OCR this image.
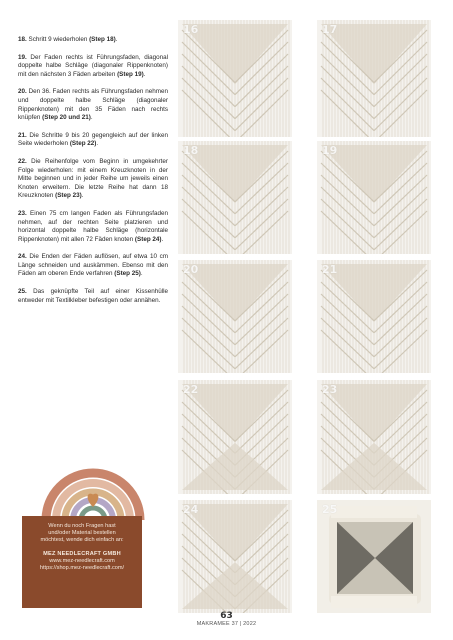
18. Schritt 9 wiederholen (Step 18).

19. Der Faden rechts ist Führungsfaden, diagonal doppelte halbe Schläge (diagonaler Rippenknoten) mit den nächsten 3 Fäden arbeiten (Step 19).

20. Den 36. Faden rechts als Führungsfaden nehmen und doppelte halbe Schläge (diagonaler Rippenknoten) mit den 35 Fäden nach rechts knüpfen (Step 20 und 21).

21. Die Schritte 9 bis 20 gegengleich auf der linken Seite wiederholen (Step 22).

22. Die Reihenfolge vom Beginn in umgekehrter Folge wiederholen: mit einem Kreuzknoten in der Mitte beginnen und in jeder Reihe um jeweils einen Knoten erweitern. Die letzte Reihe hat dann 18 Kreuzknoten (Step 23).

23. Einen 75 cm langen Faden als Führungsfaden nehmen, auf der rechten Seite platzieren und horizontal doppelte halbe Schläge (horizontale Rippenknoten) mit allen 72 Fäden knoten (Step 24).

24. Die Enden der Fäden auflösen, auf etwa 10 cm Länge schneiden und auskämmen. Ebenso mit den Fäden am oberen Ende verfahren (Step 25).

25. Das geknüpfte Teil auf einer Kissenhülle entweder mit Textilkleber befestigen oder annähen.

Wenn du noch Fragen hast
und/oder Material bestellen
möchtest, wende dich einfach an:
MEZ NEEDLECRAFT GMBH
www.mez-needlecraft.com
https://shop.mez-needlecraft.com/
16	17
18	19
20	21
22	23
24	25
63
MAKRAMEE 37 | 2022
